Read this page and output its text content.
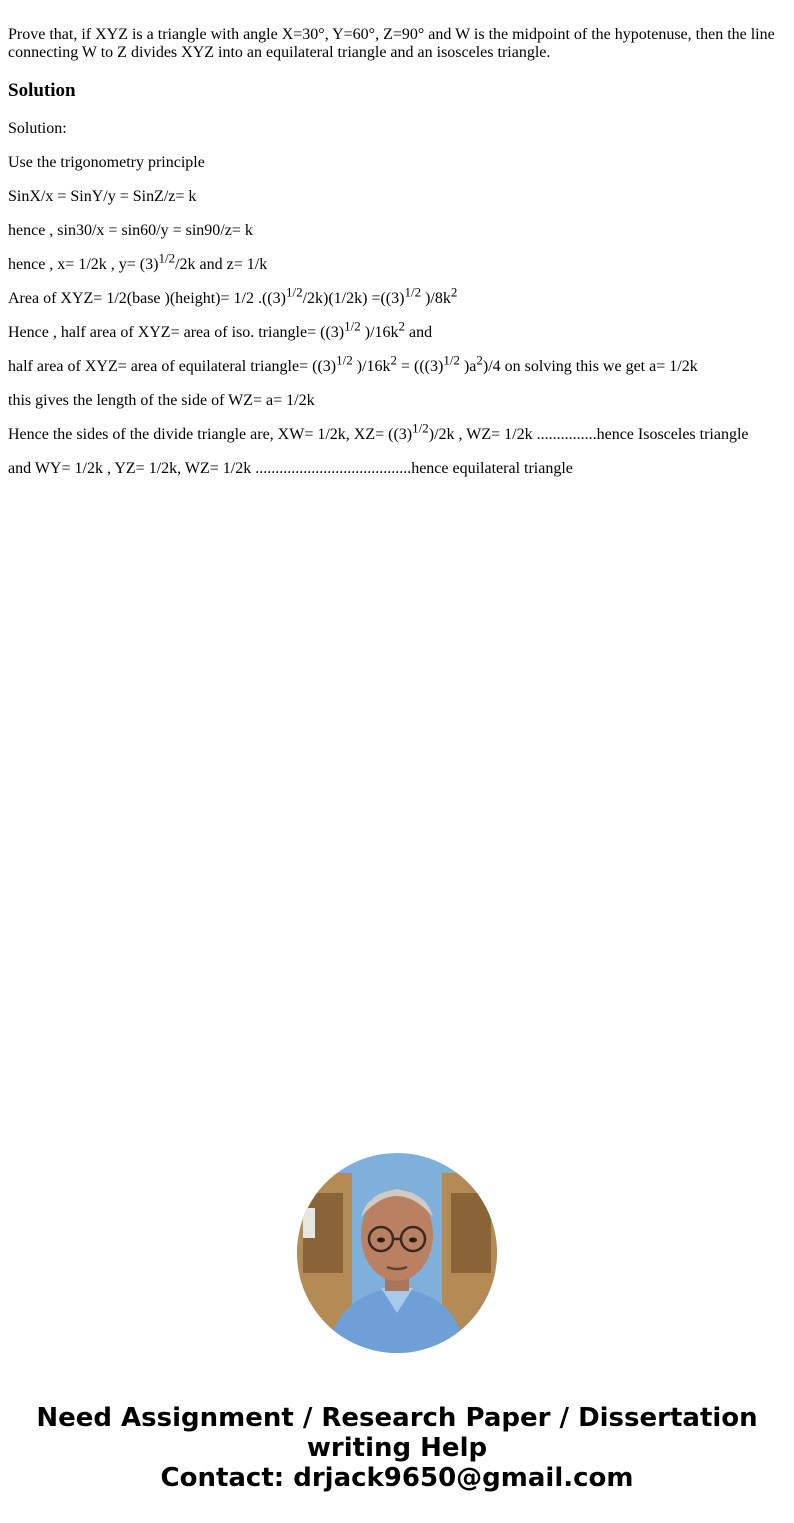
Prove that, if XYZ is a triangle with angle X=30°, Y=60°, Z=90° and W is the midpoint of the hypotenuse, then the line connecting W to Z divides XYZ into an equilateral triangle and an isosceles triangle.

Solution

Solution:

Use the trigonometry principle

SinX/x = SinY/y = SinZ/z= k

hence , sin30/x = sin60/y = sin90/z= k

hence , x= 1/2k , $y= (3)^{1/2}/2k$ and z= 1/k

Area of XYZ= 1/2(base )(height)= 1/2 $.((3)^{1/2}/2k)(1/2k) =((3)^{1/2}$ )$/8k^2$

Hence , half area of XYZ= area of iso. triangle= ($(3)^{1/2}$ )$/16k^2$ and

half area of XYZ= area of equilateral triangle= ($(3)^{1/2}$ )$/16k^2 = (((3)^{1/2}$ )$a^2)/4$ on solving this we get a= 1/2k

this gives the length of the side of WZ= a= 1/2k

Hence the sides of the divide triangle are, XW= 1/2k, $XZ= ((3)^{1/2})/2k$ , WZ= 1/2k ...............hence Isosceles triangle

and WY= 1/2k , YZ= 1/2k, WZ= 1/2k .......................................hence equilateral triangle

Need Assignment / Research Paper / Dissertation
writing Help
Contact: drjack9650@gmail.com
